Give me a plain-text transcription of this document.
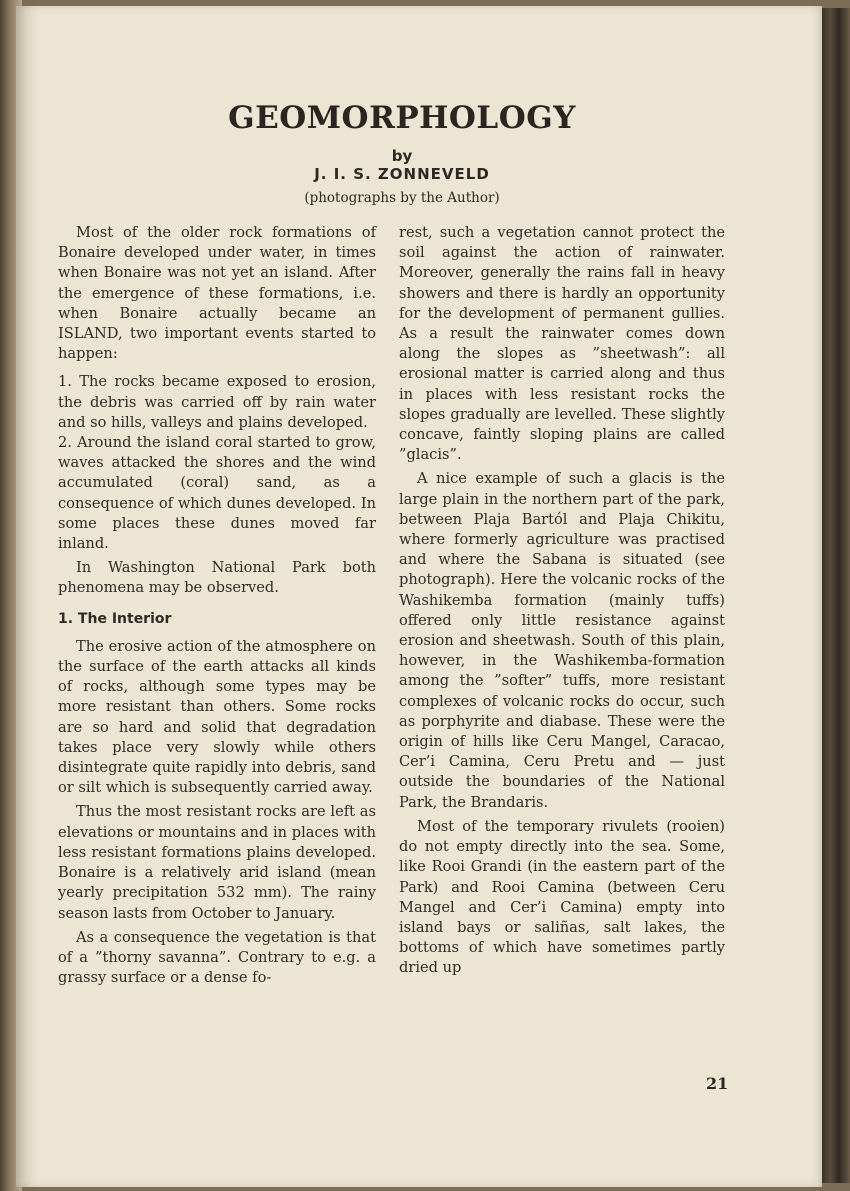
GEOMORPHOLOGY
by
J. I. S. ZONNEVELD
(photographs by the Author)

Most of the older rock formations of Bonaire developed under water, in times when Bonaire was not yet an island. After the emergence of these formations, i.e. when Bonaire actually became an ISLAND, two important events started to happen:

1. The rocks became exposed to erosion, the debris was carried off by rain water and so hills, valleys and plains developed.

2. Around the island coral started to grow, waves attacked the shores and the wind accumulated (coral) sand, as a consequence of which dunes developed. In some places these dunes moved far inland.

In Washington National Park both phenomena may be observed.

1. The Interior

The erosive action of the atmosphere on the surface of the earth attacks all kinds of rocks, although some types may be more resistant than others. Some rocks are so hard and solid that degradation takes place very slowly while others disintegrate quite rapidly into debris, sand or silt which is subsequently carried away.

Thus the most resistant rocks are left as elevations or mountains and in places with less resistant formations plains developed. Bonaire is a relatively arid island (mean yearly precipitation 532 mm). The rainy season lasts from October to January.

As a consequence the vegetation is that of a ”thorny savanna”. Contrary to e.g. a grassy surface or a dense fo-

rest, such a vegetation cannot protect the soil against the action of rainwater. Moreover, generally the rains fall in heavy showers and there is hardly an opportunity for the development of permanent gullies. As a result the rainwater comes down along the slopes as ”sheetwash”: all erosional matter is carried along and thus in places with less resistant rocks the slopes gradually are levelled. These slightly concave, faintly sloping plains are called ”glacis”.

A nice example of such a glacis is the large plain in the northern part of the park, between Plaja Bartól and Plaja Chikitu, where formerly agriculture was practised and where the Sabana is situated (see photograph). Here the volcanic rocks of the Washikemba formation (mainly tuffs) offered only little resistance against erosion and sheetwash. South of this plain, however, in the Washikemba-formation among the ”softer” tuffs, more resistant complexes of volcanic rocks do occur, such as porphyrite and diabase. These were the origin of hills like Ceru Mangel, Caracao, Cer’i Camina, Ceru Pretu and — just outside the boundaries of the National Park, the Brandaris.

Most of the temporary rivulets (rooien) do not empty directly into the sea. Some, like Rooi Grandi (in the eastern part of the Park) and Rooi Camina (between Ceru Mangel and Cer’i Camina) empty into island bays or saliñas, salt lakes, the bottoms of which have sometimes partly dried up

21
